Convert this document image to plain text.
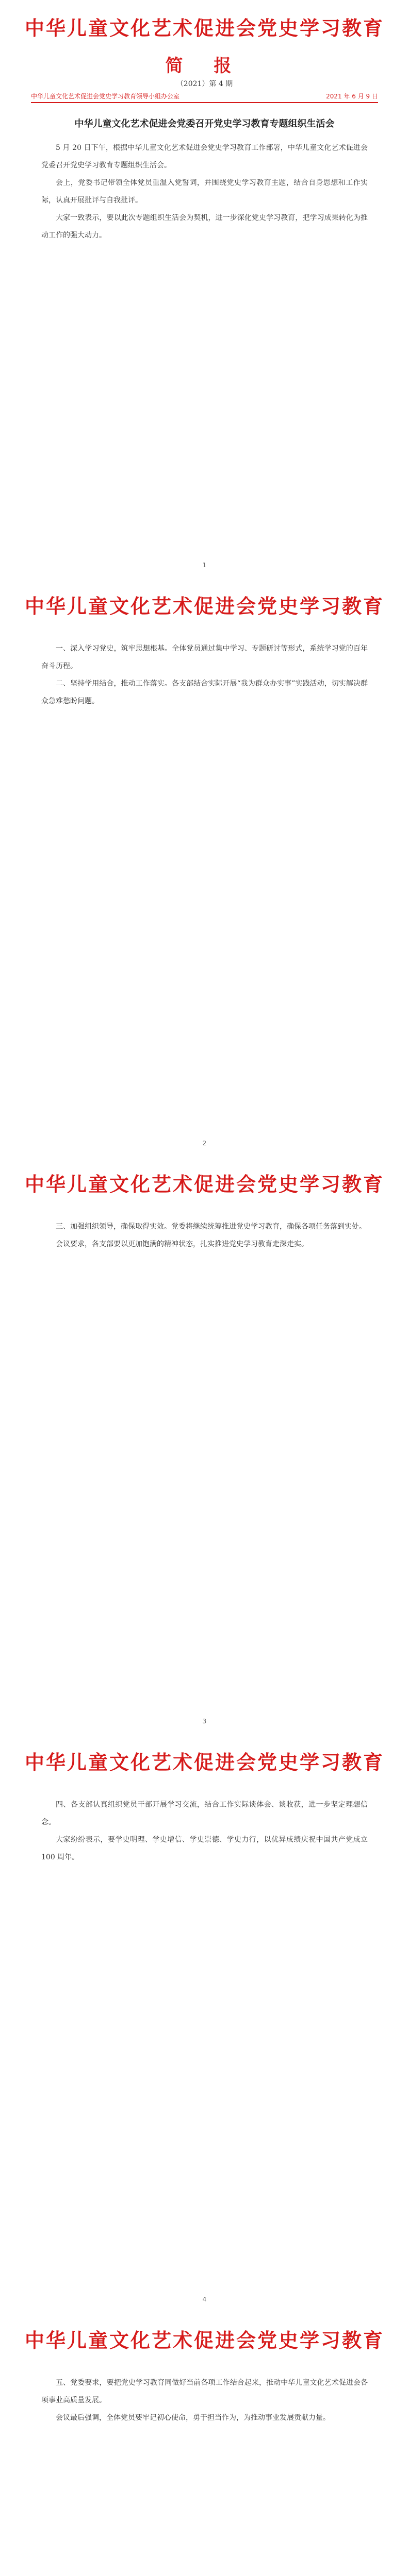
中华儿童文化艺术促进会党史学习教育
简 报
（2021）第 4 期
中华儿童文化艺术促进会党史学习教育领导小组办公室	2021 年 6 月 9 日
中华儿童文化艺术促进会党委召开党史学习教育专题组织生活会

5 月 20 日下午，根据中华儿童文化艺术促进会党史学习教育工作部署，中华儿童文化艺术促进会党委召开党史学习教育专题组织生活会。

会上，党委书记带领全体党员重温入党誓词，并围绕党史学习教育主题，结合自身思想和工作实际，认真开展批评与自我批评。

大家一致表示，要以此次专题组织生活会为契机，进一步深化党史学习教育，把学习成果转化为推动工作的强大动力。

1
中华儿童文化艺术促进会党史学习教育

一、深入学习党史，筑牢思想根基。全体党员通过集中学习、专题研讨等形式，系统学习党的百年奋斗历程。

二、坚持学用结合，推动工作落实。各支部结合实际开展“我为群众办实事”实践活动，切实解决群众急难愁盼问题。

2
中华儿童文化艺术促进会党史学习教育

三、加强组织领导，确保取得实效。党委将继续统筹推进党史学习教育，确保各项任务落到实处。

会议要求，各支部要以更加饱满的精神状态，扎实推进党史学习教育走深走实。

3
中华儿童文化艺术促进会党史学习教育

四、各支部认真组织党员干部开展学习交流，结合工作实际谈体会、谈收获，进一步坚定理想信念。

大家纷纷表示，要学史明理、学史增信、学史崇德、学史力行，以优异成绩庆祝中国共产党成立 100 周年。

4
中华儿童文化艺术促进会党史学习教育

五、党委要求，要把党史学习教育同做好当前各项工作结合起来，推动中华儿童文化艺术促进会各项事业高质量发展。

会议最后强调，全体党员要牢记初心使命，勇于担当作为，为推动事业发展贡献力量。
